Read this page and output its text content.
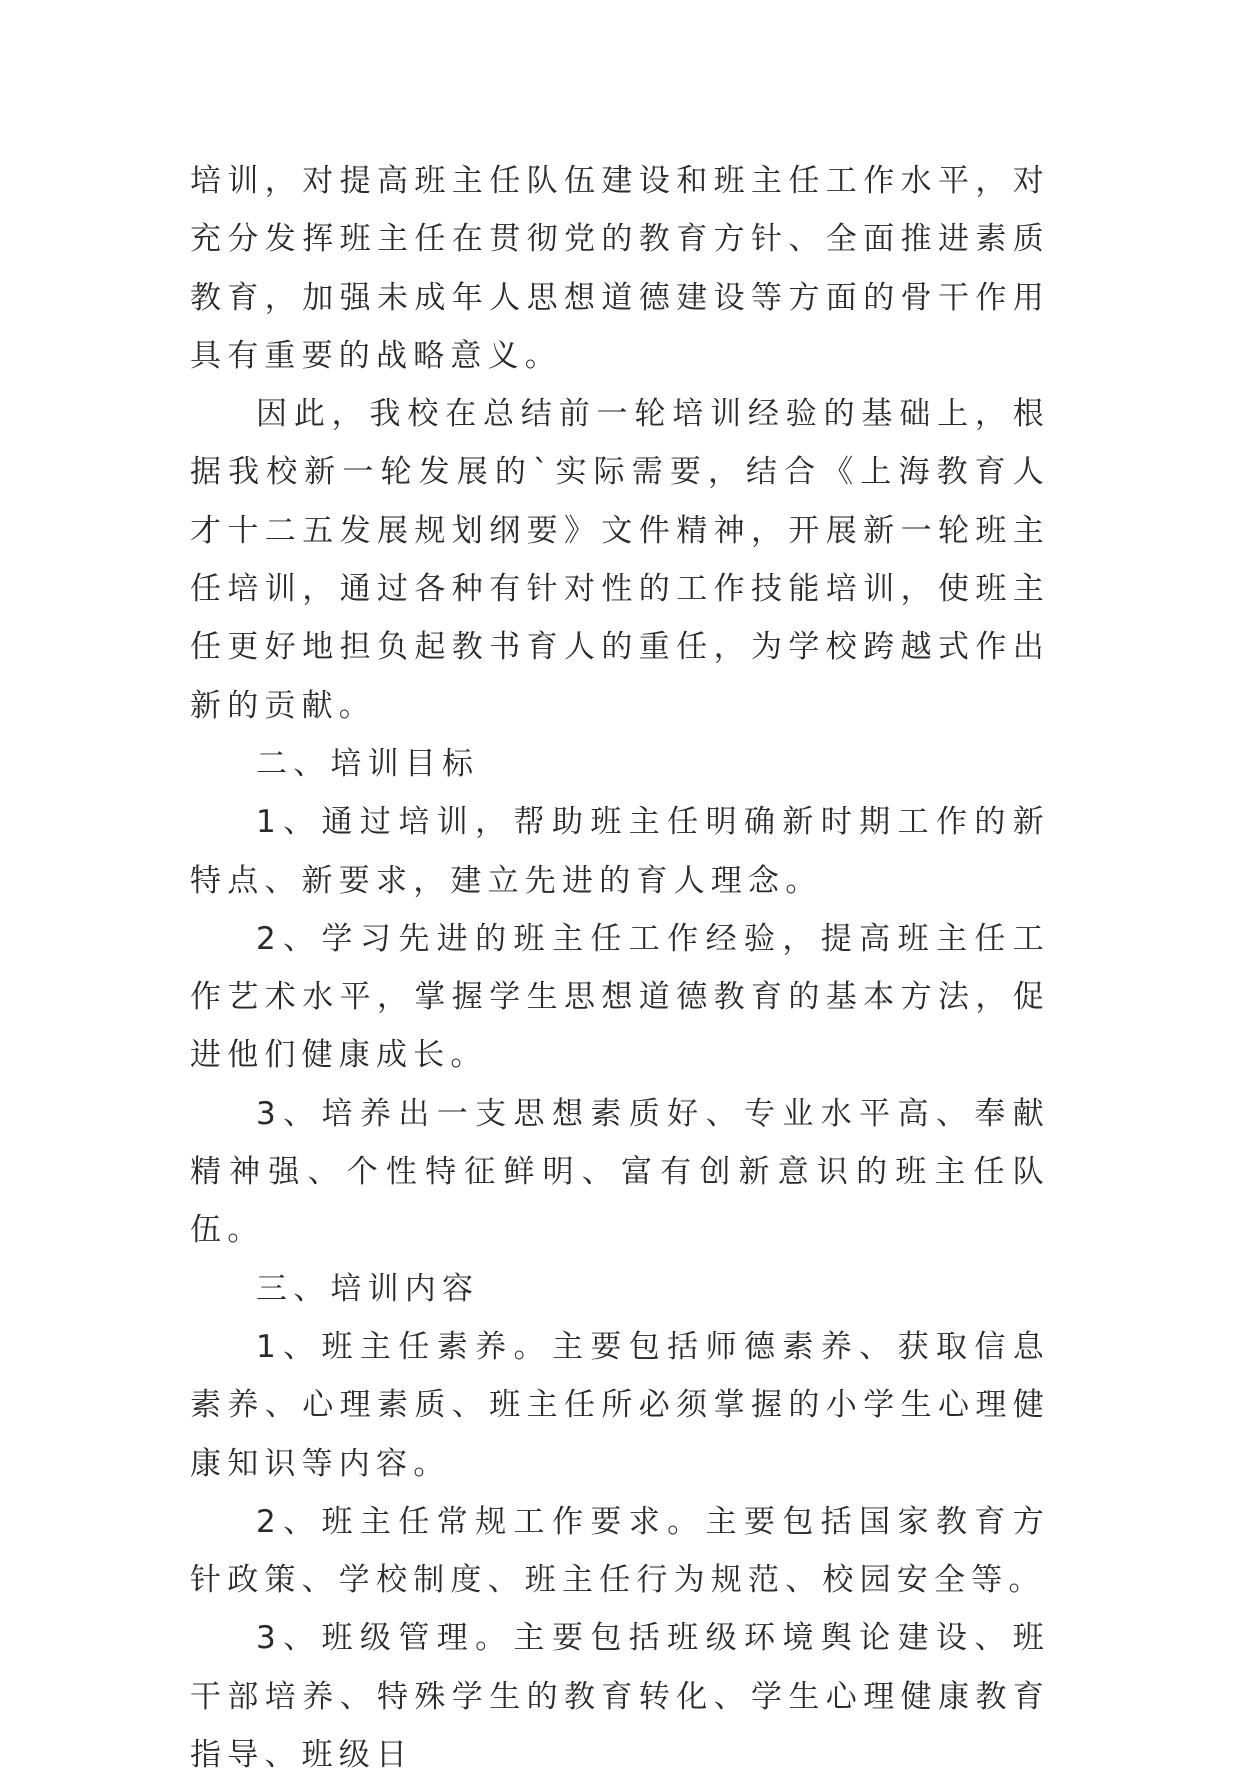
培训，对提高班主任队伍建设和班主任工作水平，对充分发挥班主任在贯彻党的教育方针、全面推进素质教育，加强未成年人思想道德建设等方面的骨干作用具有重要的战略意义。

因此，我校在总结前一轮培训经验的基础上，根据我校新一轮发展的`实际需要，结合《上海教育人才十二五发展规划纲要》文件精神，开展新一轮班主任培训，通过各种有针对性的工作技能培训，使班主任更好地担负起教书育人的重任，为学校跨越式作出新的贡献。

二、培训目标

1、通过培训，帮助班主任明确新时期工作的新特点、新要求，建立先进的育人理念。

2、学习先进的班主任工作经验，提高班主任工作艺术水平，掌握学生思想道德教育的基本方法，促进他们健康成长。

3、培养出一支思想素质好、专业水平高、奉献精神强、个性特征鲜明、富有创新意识的班主任队伍。

三、培训内容

1、班主任素养。主要包括师德素养、获取信息素养、心理素质、班主任所必须掌握的小学生心理健康知识等内容。

2、班主任常规工作要求。主要包括国家教育方针政策、学校制度、班主任行为规范、校园安全等。

3、班级管理。主要包括班级环境舆论建设、班干部培养、特殊学生的教育转化、学生心理健康教育指导、班级日
